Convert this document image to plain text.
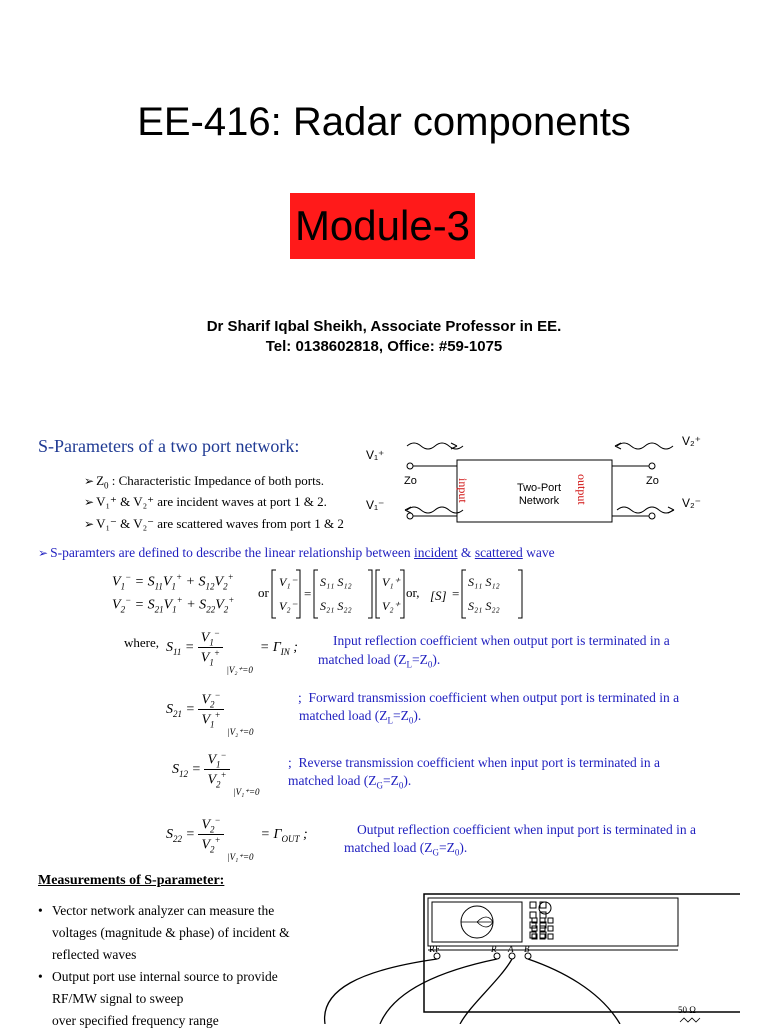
EE-416: Radar components
Module-3
Dr Sharif Iqbal Sheikh, Associate Professor in EE.
Tel: 0138602818, Office: #59-1075
S-Parameters of a two port network:
➢ $Z_0$ : Characteristic Impedance of both ports.
➢ V₁⁺ & V₂⁺ are incident waves at port 1 & 2.
➢ V₁⁻ & V₂⁻ are scattered waves from port 1 & 2
V₁⁺
V₁⁻
V₂⁺
V₂⁻
Zo	Zo
Two-Port
Network
input	output
➢ S-paramters are defined to describe the linear relationship between incident & scattered wave
$V_1^- = S_{11}V_1^+ + S_{12}V_2^+$
$V_2^- = S_{21}V_1^+ + S_{22}V_2^+$ or
V₁⁻
V₂⁻
=
S₁₁ S₁₂
S₂₁ S₂₂
V₁⁺
V₂⁺
or, [S] =
S₁₁ S₁₂
S₂₁ S₂₂
where, $S_{11} = \frac{V_1^-}{V_1^+}$
$_{|V_2^+=0} = \Gamma_{IN}$ ;	Input reflection coefficient when output port is terminated in a
matched load $(Z_L=Z_0)$.
$S_{21} = \frac{V_2^-}{V_1^+}$
$_{|V_2^+=0}$
;  Forward transmission coefficient when output port is terminated in a
matched load $(Z_L=Z_0)$.
$S_{12} = \frac{V_1^-}{V_2^+}$
$_{|V_1^+=0}$
;  Reverse transmission coefficient when input port is terminated in a
matched load $(Z_G=Z_0)$.
$S_{22} = \frac{V_2^-}{V_2^+}$
$_{|V_1^+=0} = \Gamma_{OUT}$ ;	Output reflection coefficient when input port is terminated in a
matched load $(Z_G=Z_0)$.
Measurements of S-parameter:
• Vector network analyzer can measure the
voltages (magnitude & phase) of incident &
reflected waves
• Output port use internal source to provide
RF/MW signal to sweep
over specified frequency range
RF	R A B
50 Ω
